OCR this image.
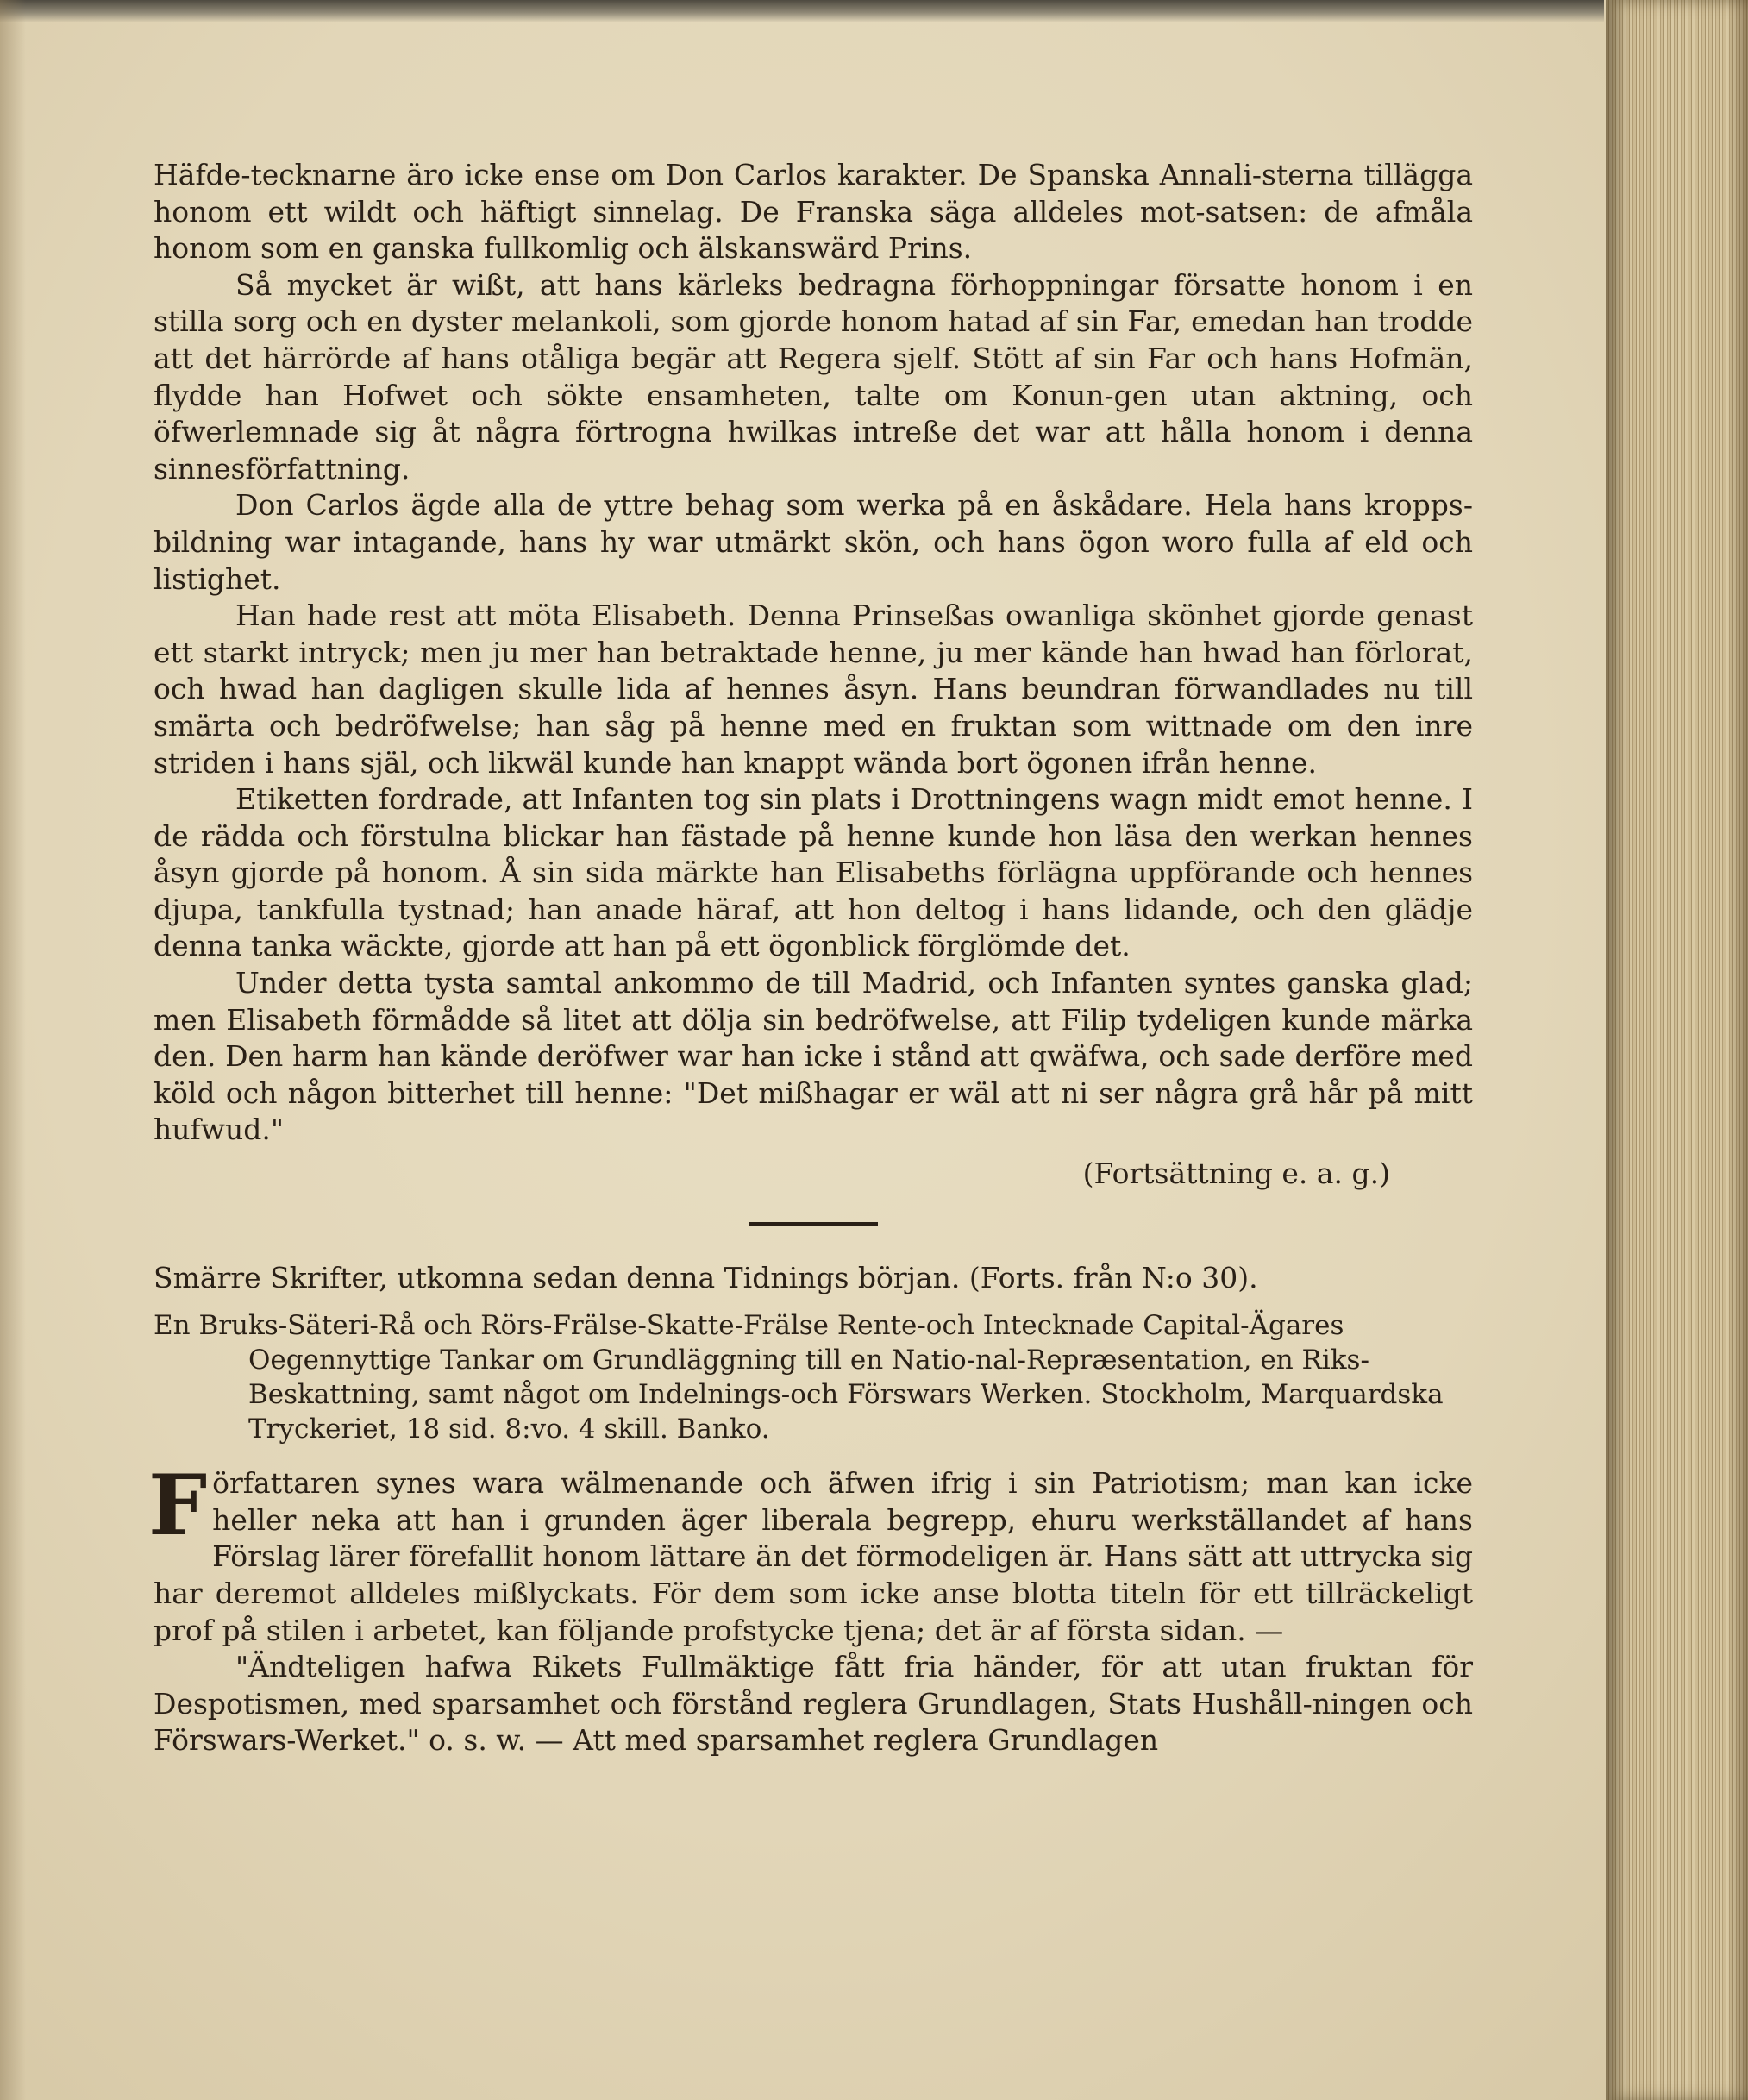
Häfde-tecknarne äro icke ense om Don Carlos karakter. De Spanska Annali-sterna tillägga honom ett wildt och häftigt sinnelag. De Franska säga alldeles mot-satsen: de afmåla honom som en ganska fullkomlig och älskanswärd Prins.

Så mycket är wißt, att hans kärleks bedragna förhoppningar försatte honom i en stilla sorg och en dyster melankoli, som gjorde honom hatad af sin Far, emedan han trodde att det härrörde af hans otåliga begär att Regera sjelf. Stött af sin Far och hans Hofmän, flydde han Hofwet och sökte ensamheten, talte om Konun-gen utan aktning, och öfwerlemnade sig åt några förtrogna hwilkas intreße det war att hålla honom i denna sinnesförfattning.

Don Carlos ägde alla de yttre behag som werka på en åskådare. Hela hans kropps-bildning war intagande, hans hy war utmärkt skön, och hans ögon woro fulla af eld och listighet.

Han hade rest att möta Elisabeth. Denna Prinseßas owanliga skönhet gjorde genast ett starkt intryck; men ju mer han betraktade henne, ju mer kände han hwad han förlorat, och hwad han dagligen skulle lida af hennes åsyn. Hans beundran förwandlades nu till smärta och bedröfwelse; han såg på henne med en fruktan som wittnade om den inre striden i hans själ, och likwäl kunde han knappt wända bort ögonen ifrån henne.

Etiketten fordrade, att Infanten tog sin plats i Drottningens wagn midt emot henne. I de rädda och förstulna blickar han fästade på henne kunde hon läsa den werkan hennes åsyn gjorde på honom. Å sin sida märkte han Elisabeths förlägna uppförande och hennes djupa, tankfulla tystnad; han anade häraf, att hon deltog i hans lidande, och den glädje denna tanka wäckte, gjorde att han på ett ögonblick förglömde det.

Under detta tysta samtal ankommo de till Madrid, och Infanten syntes ganska glad; men Elisabeth förmådde så litet att dölja sin bedröfwelse, att Filip tydeligen kunde märka den. Den harm han kände deröfwer war han icke i stånd att qwäfwa, och sade derföre med köld och någon bitterhet till henne: "Det mißhagar er wäl att ni ser några grå hår på mitt hufwud."

(Fortsättning e. a. g.)

Smärre Skrifter, utkomna sedan denna Tidnings början. (Forts. från N:o 30).

En Bruks-Säteri-Rå och Rörs-Frälse-Skatte-Frälse Rente-och Intecknade Capital-Ägares Oegennyttige Tankar om Grundläggning till en Natio-nal-Repræsentation, en Riks-Beskattning, samt något om Indelnings-och Förswars Werken. Stockholm, Marquardska Tryckeriet, 18 sid. 8:vo. 4 skill. Banko.

Författaren synes wara wälmenande och äfwen ifrig i sin Patriotism; man kan icke heller neka att han i grunden äger liberala begrepp, ehuru werkställandet af hans Förslag lärer förefallit honom lättare än det förmodeligen är. Hans sätt att uttrycka sig har deremot alldeles mißlyckats. För dem som icke anse blotta titeln för ett tillräckeligt prof på stilen i arbetet, kan följande profstycke tjena; det är af första sidan. —

"Ändteligen hafwa Rikets Fullmäktige fått fria händer, för att utan fruktan för Despotismen, med sparsamhet och förstånd reglera Grundlagen, Stats Hushåll-ningen och Förswars-Werket." o. s. w. — Att med sparsamhet reglera Grundlagen
